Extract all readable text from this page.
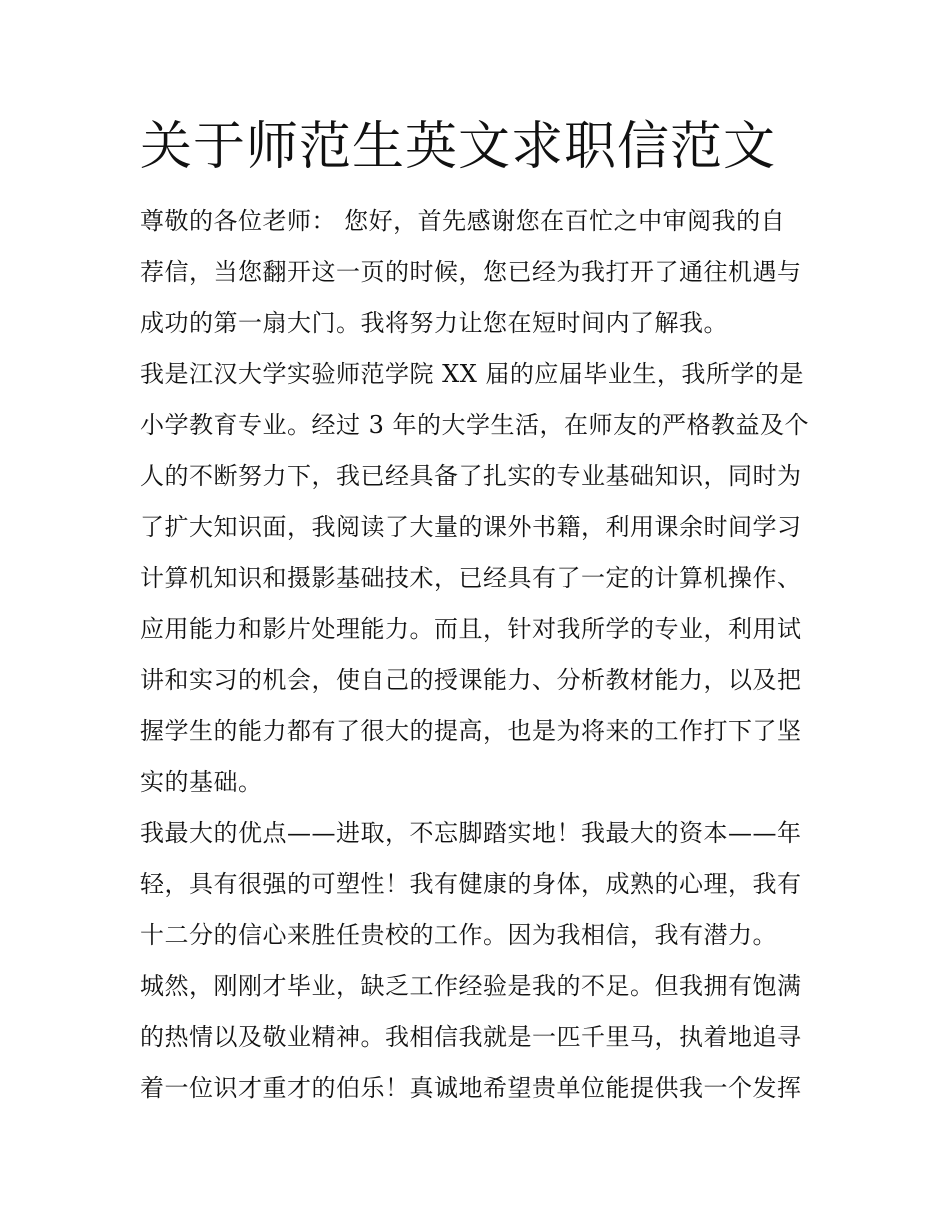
关于师范生英文求职信范文

尊敬的各位老师： 您好，首先感谢您在百忙之中审阅我的自
荐信，当您翻开这一页的时候，您已经为我打开了通往机遇与
成功的第一扇大门。我将努力让您在短时间内了解我。

我是江汉大学实验师范学院 XX 届的应届毕业生，我所学的是
小学教育专业。经过 3 年的大学生活，在师友的严格教益及个
人的不断努力下，我已经具备了扎实的专业基础知识，同时为
了扩大知识面，我阅读了大量的课外书籍，利用课余时间学习
计算机知识和摄影基础技术，已经具有了一定的计算机操作、
应用能力和影片处理能力。而且，针对我所学的专业，利用试
讲和实习的机会，使自己的授课能力、分析教材能力，以及把
握学生的能力都有了很大的提高，也是为将来的工作打下了坚
实的基础。

我最大的优点——进取，不忘脚踏实地！我最大的资本——年
轻，具有很强的可塑性！我有健康的身体，成熟的心理，我有
十二分的信心来胜任贵校的工作。因为我相信，我有潜力。

城然，刚刚才毕业，缺乏工作经验是我的不足。但我拥有饱满
的热情以及敬业精神。我相信我就是一匹千里马，执着地追寻
着一位识才重才的伯乐！真诚地希望贵单位能提供我一个发挥
